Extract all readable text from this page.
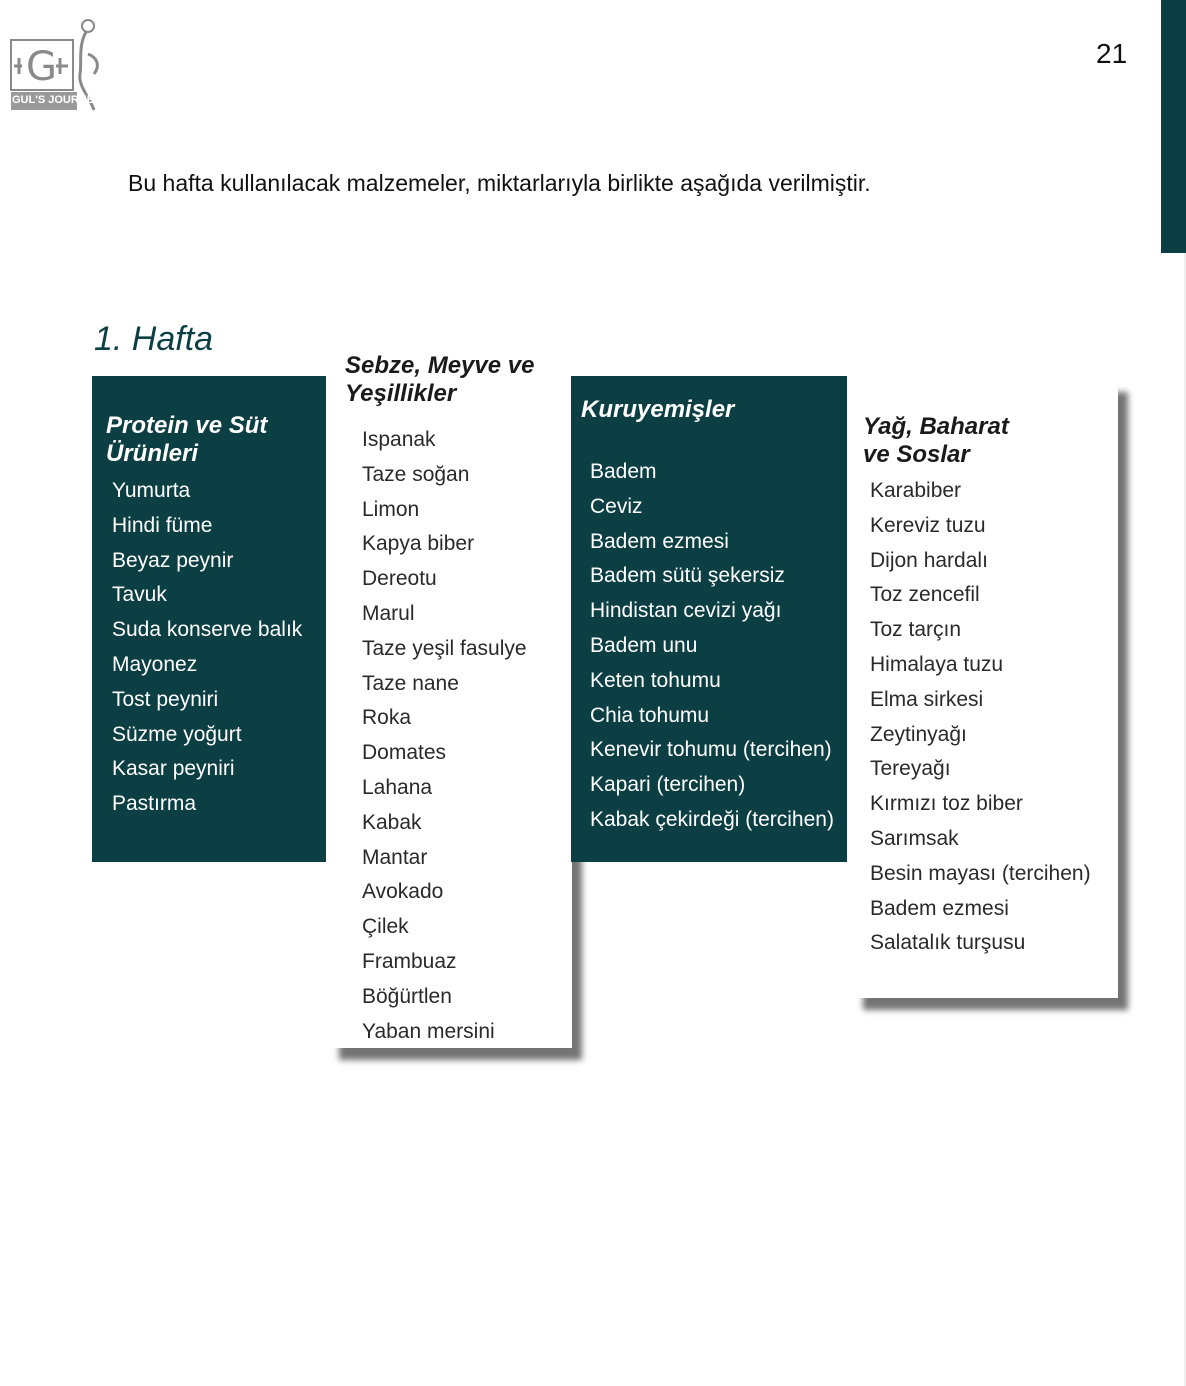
21
G
GUL'S JOURNEY
Bu hafta kullanılacak malzemeler, miktarlarıyla birlikte aşağıda verilmiştir.
1. Hafta
Protein ve Süt
Ürünleri
Yumurta
Hindi füme
Beyaz peynir
Tavuk
Suda konserve balık
Mayonez
Tost peyniri
Süzme yoğurt
Kasar peyniri
Pastırma
Ispanak
Taze soğan
Limon
Kapya biber
Dereotu
Marul
Taze yeşil fasulye
Taze nane
Roka
Domates
Lahana
Kabak
Mantar
Avokado
Çilek
Frambuaz
Böğürtlen
Yaban mersini
Sebze, Meyve ve
Yeşillikler
Kuruyemişler
Badem
Ceviz
Badem ezmesi
Badem sütü şekersiz
Hindistan cevizi yağı
Badem unu
Keten tohumu
Chia tohumu
Kenevir tohumu (tercihen)
Kapari (tercihen)
Kabak çekirdeği (tercihen)
Yağ, Baharat
ve Soslar
Karabiber
Kereviz tuzu
Dijon hardalı
Toz zencefil
Toz tarçın
Himalaya tuzu
Elma sirkesi
Zeytinyağı
Tereyağı
Kırmızı toz biber
Sarımsak
Besin mayası (tercihen)
Badem ezmesi
Salatalık turşusu
